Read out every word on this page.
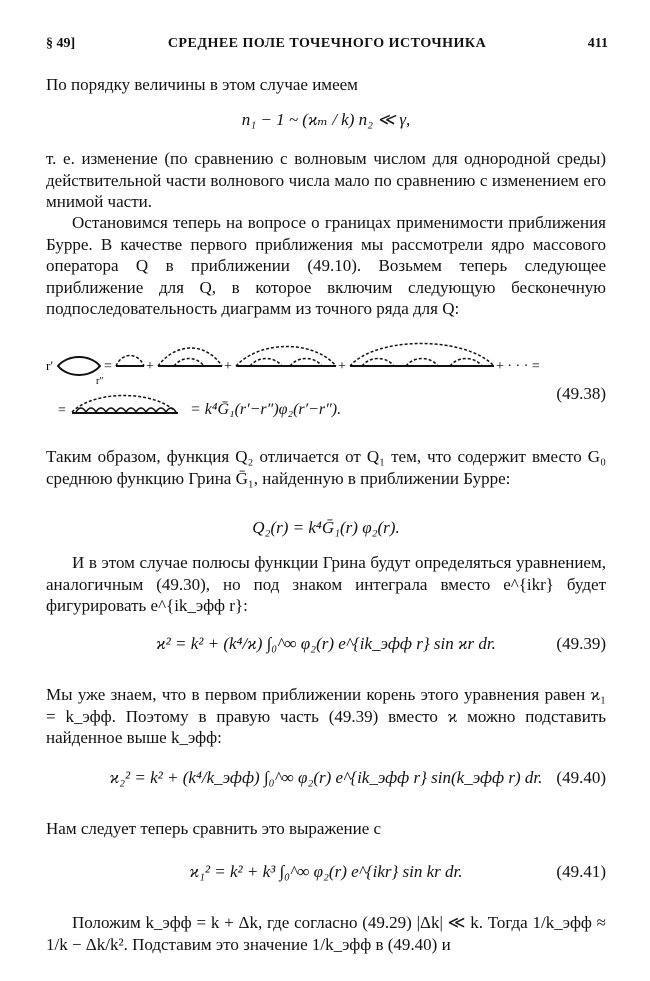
§ 49]	СРЕДНЕЕ ПОЛЕ ТОЧЕЧНОГО ИСТОЧНИКА	411

По порядку величины в этом случае имеем

n₁ − 1 ~ (ϰₘ / k) n₂ ≪ γ,

т. е. изменение (по сравнению с волновым числом для однородной среды) действительной части волнового числа мало по сравнению с изменением его мнимой части.

Остановимся теперь на вопросе о границах применимости приближения Бурре. В качестве первого приближения мы рассмотрели ядро массового оператора Q в приближении (49.10). Возьмем теперь следующее приближение для Q, в которое включим следующую бесконечную подпоследовательность диаграмм из точного ряда для Q:

r′
r″
= +	+	+	+ · · · =
=	= k⁴Ḡ₁(r′−r″)φ₂(r′−r″).
(49.38)

Таким образом, функция Q₂ отличается от Q₁ тем, что содержит вместо G₀ среднюю функцию Грина Ḡ₁, найденную в приближении Бурре:

Q₂(r) = k⁴Ḡ₁(r) φ₂(r).

И в этом случае полюсы функции Грина будут определяться уравнением, аналогичным (49.30), но под знаком интеграла вместо e^{ikr} будет фигурировать e^{ik_эфф r}:

ϰ² = k² + (k⁴/ϰ) ∫₀^∞ φ₂(r) e^{ik_эфф r} sin ϰr dr.	(49.39)

Мы уже знаем, что в первом приближении корень этого уравнения равен ϰ₁ = k_эфф. Поэтому в правую часть (49.39) вместо ϰ можно подставить найденное выше k_эфф:

ϰ₂² = k² + (k⁴/k_эфф) ∫₀^∞ φ₂(r) e^{ik_эфф r} sin(k_эфф r) dr. (49.40)

Нам следует теперь сравнить это выражение с

ϰ₁² = k² + k³ ∫₀^∞ φ₂(r) e^{ikr} sin kr dr.	(49.41)

Положим k_эфф = k + Δk, где согласно (49.29) |Δk| ≪ k. Тогда 1/k_эфф ≈ 1/k − Δk/k². Подставим это значение 1/k_эфф в (49.40) и
